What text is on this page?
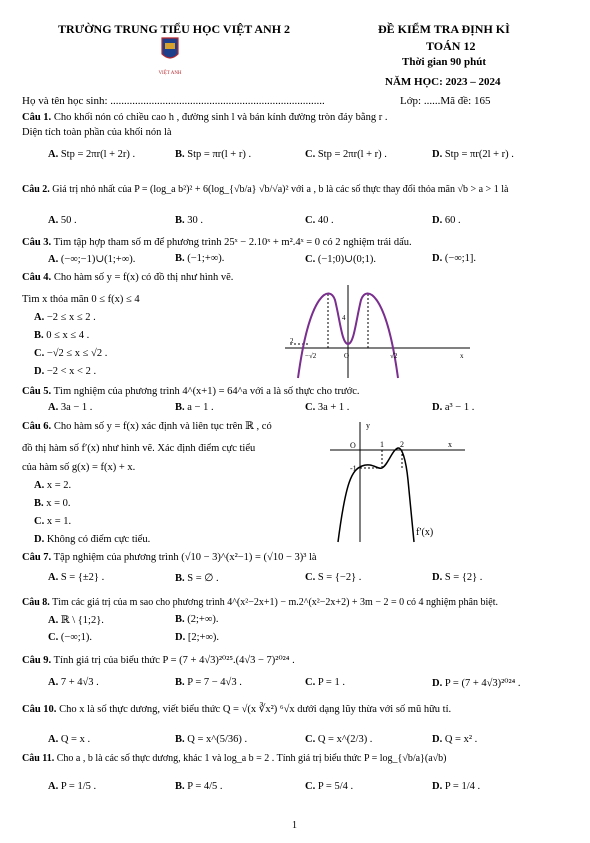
TRƯỜNG TRUNG TIỂU HỌC VIỆT ANH 2	ĐỀ KIỂM TRA ĐỊNH KÌ
TOÁN 12
Thời gian 90 phút
NĂM HỌC: 2023 – 2024
VIỆT ANH
Họ và tên học sinh: ..............................................................................	Lớp: ......Mã đề: 165
Câu 1. Cho khối nón có chiều cao h , đường sinh l và bán kính đường tròn đáy bằng r .
Diện tích toàn phần của khối nón là
A. Stp = 2πr(l + 2r) .	B. Stp = πr(l + r) .	C. Stp = 2πr(l + r) .	D. Stp = πr(2l + r) .
Câu 2. Giá trị nhỏ nhất của P = (log_a b²)² + 6(log_{√b/a} √b/√a)² với a , b là các số thực thay đổi thỏa mãn √b > a > 1 là
A. 50 .	B. 30 .	C. 40 .	D. 60 .
Câu 3. Tìm tập hợp tham số m để phương trình 25ˣ − 2.10ˣ + m².4ˣ = 0 có 2 nghiệm trái dấu.
A. (−∞;−1)∪(1;+∞).	B. (−1;+∞).	C. (−1;0)∪(0;1).	D. (−∞;1].
Câu 4. Cho hàm số y = f(x) có đồ thị như hình vẽ.
Tìm x thỏa mãn 0 ≤ f(x) ≤ 4
A. −2 ≤ x ≤ 2 .
B. 0 ≤ x ≤ 4 .
C. −√2 ≤ x ≤ √2 .
D. −2 < x < 2 .
4
2
−√2	O	√2	x
Câu 5. Tìm nghiệm của phương trình 4^(x+1) = 64^a với a là số thực cho trước.
A. 3a − 1 .	B. a − 1 .	C. 3a + 1 .	D. a³ − 1 .
Câu 6. Cho hàm số y = f(x) xác định và liên tục trên ℝ , có
đồ thị hàm số f′(x) như hình vẽ. Xác định điểm cực tiểu
của hàm số g(x) = f(x) + x.
A. x = 2.
B. x = 0.
C. x = 1.
D. Không có điểm cực tiểu.
y
O	1 2	x
-1
f′(x)
Câu 7. Tập nghiệm của phương trình (√10 − 3)^(x²−1) = (√10 − 3)³ là
A. S = {±2} .	B. S = ∅ .	C. S = {−2} .	D. S = {2} .
Câu 8. Tìm các giá trị của m sao cho phương trình 4^(x²−2x+1) − m.2^(x²−2x+2) + 3m − 2 = 0 có 4 nghiệm phân biệt.
A. ℝ \ {1;2}.	B. (2;+∞).
C. (−∞;1).	D. [2;+∞).
Câu 9. Tính giá trị của biểu thức P = (7 + 4√3)²⁰²⁵.(4√3 − 7)²⁰²⁴ .
A. 7 + 4√3 .	B. P = 7 − 4√3 .	C. P = 1 .	D. P = (7 + 4√3)²⁰²⁴ .
Câu 10. Cho x là số thực dương, viết biểu thức Q = √(x ∛x²) ⁶√x dưới dạng lũy thừa với số mũ hữu tỉ.
A. Q = x .	B. Q = x^(5/36) .	C. Q = x^(2/3) .	D. Q = x² .
Câu 11. Cho a , b là các số thực dương, khác 1 và log_a b = 2 . Tính giá trị biểu thức P = log_{√b/a}(a√b)
A. P = 1/5 .	B. P = 4/5 .	C. P = 5/4 .	D. P = 1/4 .
1
